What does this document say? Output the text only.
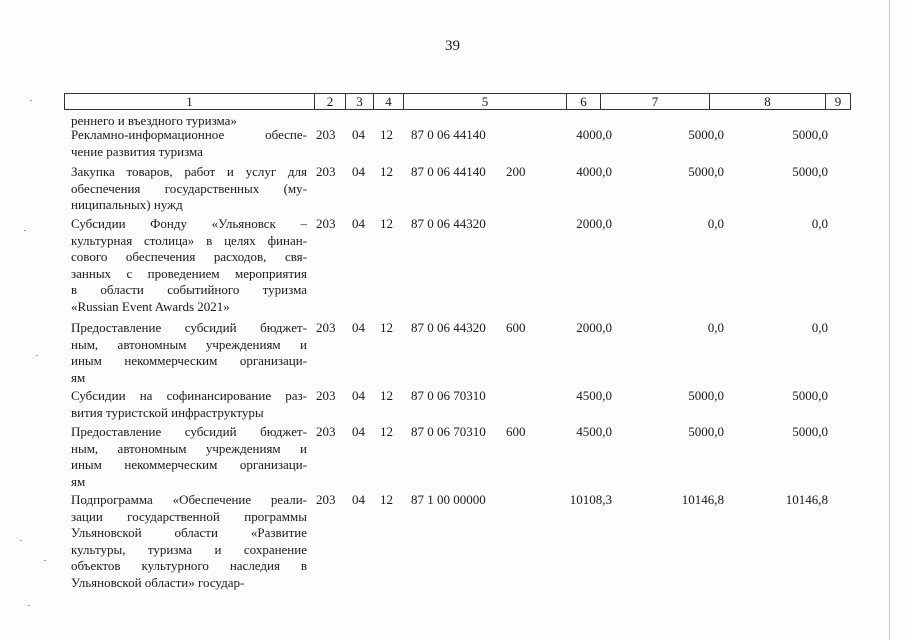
39
1	2	3	4	5	6	7	8	9
реннего и въездного туризма»
Рекламно-информационное обеспе-
чение развития туризма
203 04 12 87 0 06 44140	4000,0	5000,0	5000,0
Закупка товаров, работ и услуг для
обеспечения государственных (му-
ниципальных) нужд
203 04 12 87 0 06 44140 200	4000,0	5000,0	5000,0
Субсидии Фонду «Ульяновск –
культурная столица» в целях финан-
сового обеспечения расходов, свя-
занных с проведением мероприятия
в области событийного туризма
«Russian Event Awards 2021»
203 04 12 87 0 06 44320	2000,0	0,0	0,0
Предоставление субсидий бюджет-
ным, автономным учреждениям и
иным некоммерческим организаци-
ям
203 04 12 87 0 06 44320 600	2000,0	0,0	0,0
Субсидии на софинансирование раз-
вития туристской инфраструктуры
203 04 12 87 0 06 70310	4500,0	5000,0	5000,0
Предоставление субсидий бюджет-
ным, автономным учреждениям и
иным некоммерческим организаци-
ям
203 04 12 87 0 06 70310 600	4500,0	5000,0	5000,0
Подпрограмма «Обеспечение реали-
зации государственной программы
Ульяновской области «Развитие
культуры, туризма и сохранение
объектов культурного наследия в
Ульяновской области» государ-
203 04 12 87 1 00 00000	10108,3	10146,8	10146,8
